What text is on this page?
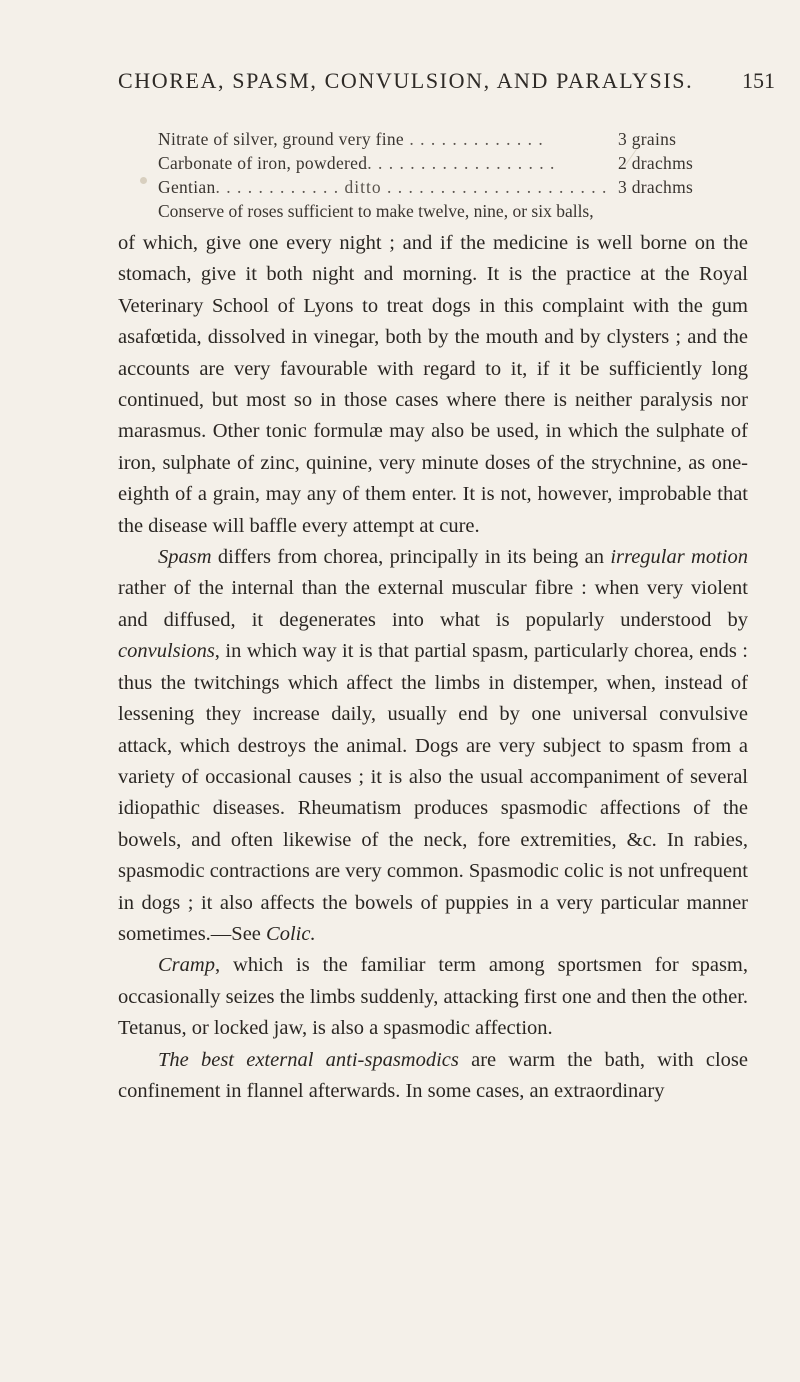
CHOREA, SPASM, CONVULSION, AND PARALYSIS. 151
Nitrate of silver, ground very fine . . . . . . . . . . . . .	3 grains
Carbonate of iron, powdered. . . . . . . . . . . . . . . . . .	2 drachms
Gentian. . . . . . . . . . . . ditto . . . . . . . . . . . . . . . . . . . . . 3 drachms
Conserve of roses sufficient to make twelve, nine, or six balls,

of which, give one every night ; and if the medicine is well borne on the stomach, give it both night and morning. It is the practice at the Royal Veterinary School of Lyons to treat dogs in this complaint with the gum asafœtida, dissolved in vinegar, both by the mouth and by clysters ; and the accounts are very favourable with regard to it, if it be sufficiently long continued, but most so in those cases where there is neither paralysis nor marasmus. Other tonic formulæ may also be used, in which the sulphate of iron, sulphate of zinc, quinine, very minute doses of the strychnine, as one-eighth of a grain, may any of them enter. It is not, however, improbable that the disease will baffle every attempt at cure.

Spasm differs from chorea, principally in its being an irregular motion rather of the internal than the external muscular fibre : when very violent and diffused, it degenerates into what is popularly understood by convulsions, in which way it is that partial spasm, particularly chorea, ends : thus the twitchings which affect the limbs in distemper, when, instead of lessening they increase daily, usually end by one universal convulsive attack, which destroys the animal. Dogs are very subject to spasm from a variety of occasional causes ; it is also the usual accompaniment of several idiopathic diseases. Rheumatism produces spasmodic affections of the bowels, and often likewise of the neck, fore extremities, &c. In rabies, spasmodic contractions are very common. Spasmodic colic is not unfrequent in dogs ; it also affects the bowels of puppies in a very particular manner sometimes.—See Colic.

Cramp, which is the familiar term among sportsmen for spasm, occasionally seizes the limbs suddenly, attacking first one and then the other. Tetanus, or locked jaw, is also a spasmodic affection.

The best external anti-spasmodics are warm the bath, with close confinement in flannel afterwards. In some cases, an extraordinary
